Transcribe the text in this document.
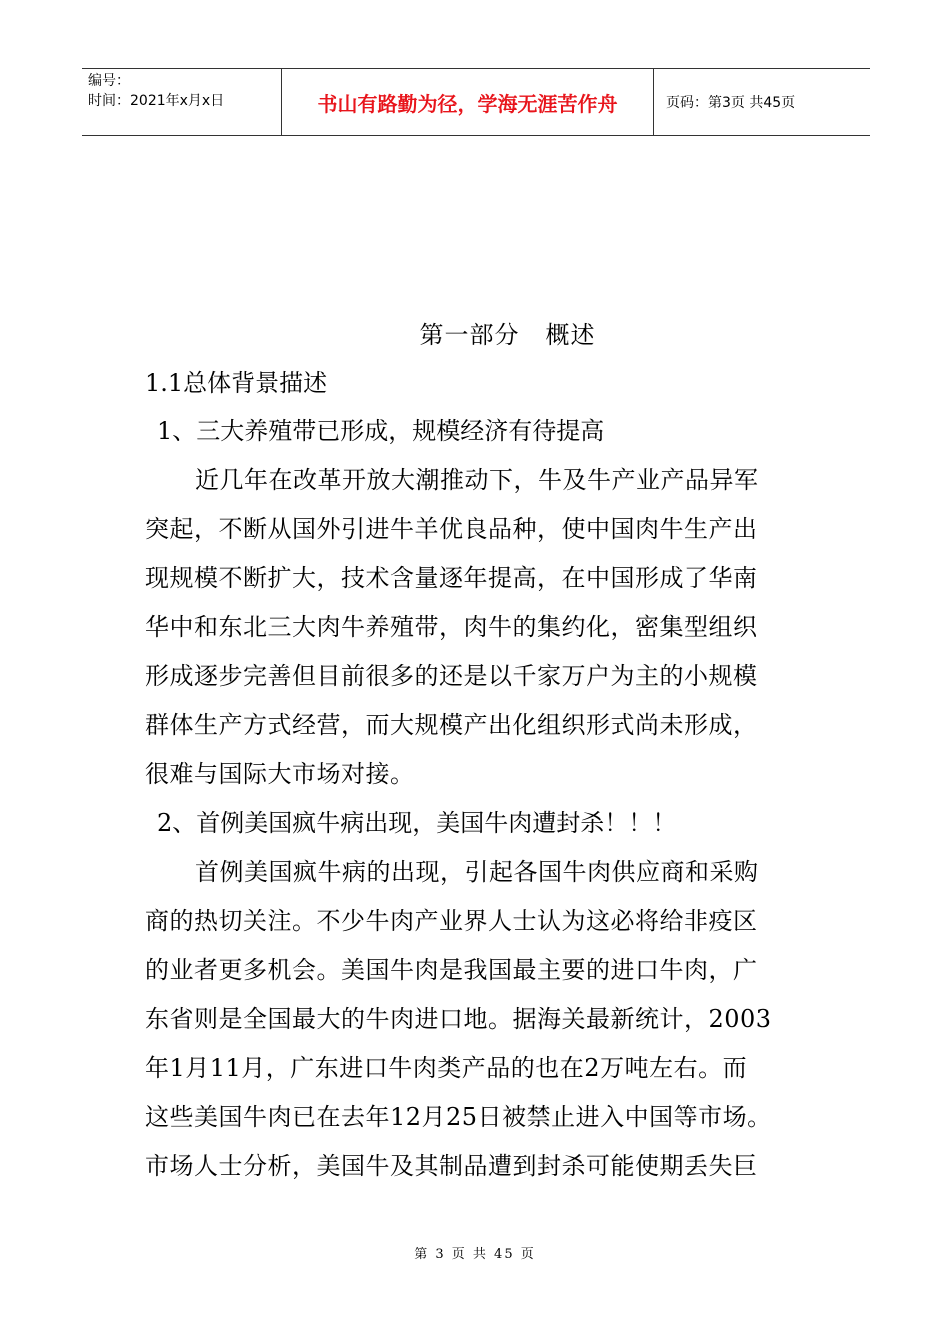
编号：
时间：2021年x月x日	书山有路勤为径，学海无涯苦作舟	页码：第3页 共45页
第一部分 概述
1.1总体背景描述
1、三大养殖带已形成，规模经济有待提高
近几年在改革开放大潮推动下，牛及牛产业产品异军
突起，不断从国外引进牛羊优良品种，使中国肉牛生产出
现规模不断扩大，技术含量逐年提高，在中国形成了华南
华中和东北三大肉牛养殖带，肉牛的集约化，密集型组织
形成逐步完善但目前很多的还是以千家万户为主的小规模
群体生产方式经营，而大规模产出化组织形式尚未形成，
很难与国际大市场对接。
2、首例美国疯牛病出现，美国牛肉遭封杀！！！
首例美国疯牛病的出现，引起各国牛肉供应商和采购
商的热切关注。不少牛肉产业界人士认为这必将给非疫区
的业者更多机会。美国牛肉是我国最主要的进口牛肉，广
东省则是全国最大的牛肉进口地。据海关最新统计，2003
年1月11月，广东进口牛肉类产品的也在2万吨左右。而
这些美国牛肉已在去年12月25日被禁止进入中国等市场。
市场人士分析，美国牛及其制品遭到封杀可能使期丢失巨
第 3 页 共 45 页
